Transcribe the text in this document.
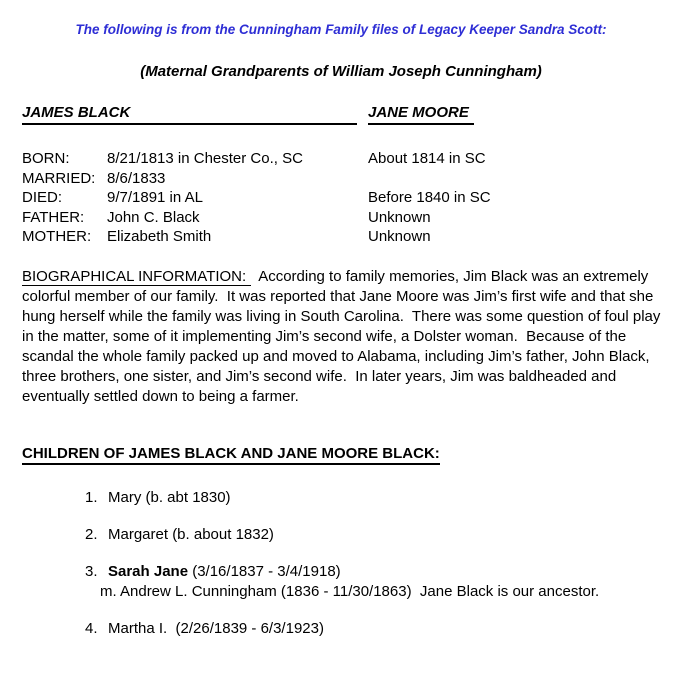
The following is from the Cunningham Family files of Legacy Keeper Sandra Scott:
(Maternal Grandparents of William Joseph Cunningham)
JAMES BLACK	JANE MOORE
BORN:	8/21/1813 in Chester Co., SC	About 1814 in SC
MARRIED: 8/6/1833
DIED:	9/7/1891 in AL	Before 1840 in SC
FATHER:	John C. Black	Unknown
MOTHER:	Elizabeth Smith	Unknown
BIOGRAPHICAL INFORMATION: According to family memories, Jim Black was an extremely colorful member of our family.  It was reported that Jane Moore was Jim’s first wife and that she hung herself while the family was living in South Carolina.  There was some question of foul play in the matter, some of it implementing Jim’s second wife, a Dolster woman.  Because of the scandal the whole family packed up and moved to Alabama, including Jim’s father, John Black, three brothers, one sister, and Jim’s second wife.  In later years, Jim was baldheaded and eventually settled down to being a farmer.
CHILDREN OF JAMES BLACK AND JANE MOORE BLACK:
1. Mary (b. abt 1830)
2. Margaret (b. about 1832)
3. Sarah Jane (3/16/1837 - 3/4/1918)
m. Andrew L. Cunningham (1836 - 11/30/1863)  Jane Black is our ancestor.
4. Martha I.  (2/26/1839 - 6/3/1923)
